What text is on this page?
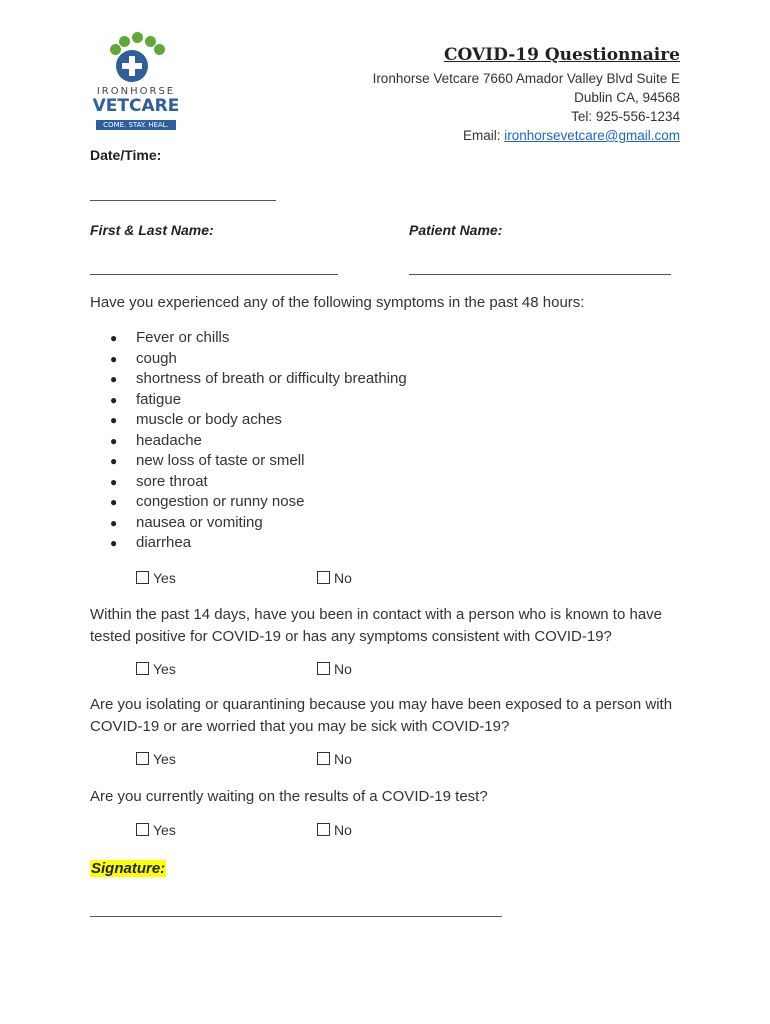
IRONHORSE
VETCARE
COME. STAY. HEAL.
COVID-19 Questionnaire
Ironhorse Vetcare 7660 Amador Valley Blvd Suite E
Dublin CA, 94568
Tel: 925-556-1234
Email: ironhorsevetcare@gmail.com
Date/Time:
First & Last Name:	Patient Name:
Have you experienced any of the following symptoms in the past 48 hours:
● Fever or chills
● cough
● shortness of breath or difficulty breathing
● fatigue
● muscle or body aches
● headache
● new loss of taste or smell
● sore throat
● congestion or runny nose
● nausea or vomiting
● diarrhea
Yes	No
Within the past 14 days, have you been in contact with a person who is known to have tested positive for COVID-19 or has any symptoms consistent with COVID-19?
Yes	No
Are you isolating or quarantining because you may have been exposed to a person with COVID-19 or are worried that you may be sick with COVID-19?
Yes	No
Are you currently waiting on the results of a COVID-19 test?
Yes	No
Signature:
